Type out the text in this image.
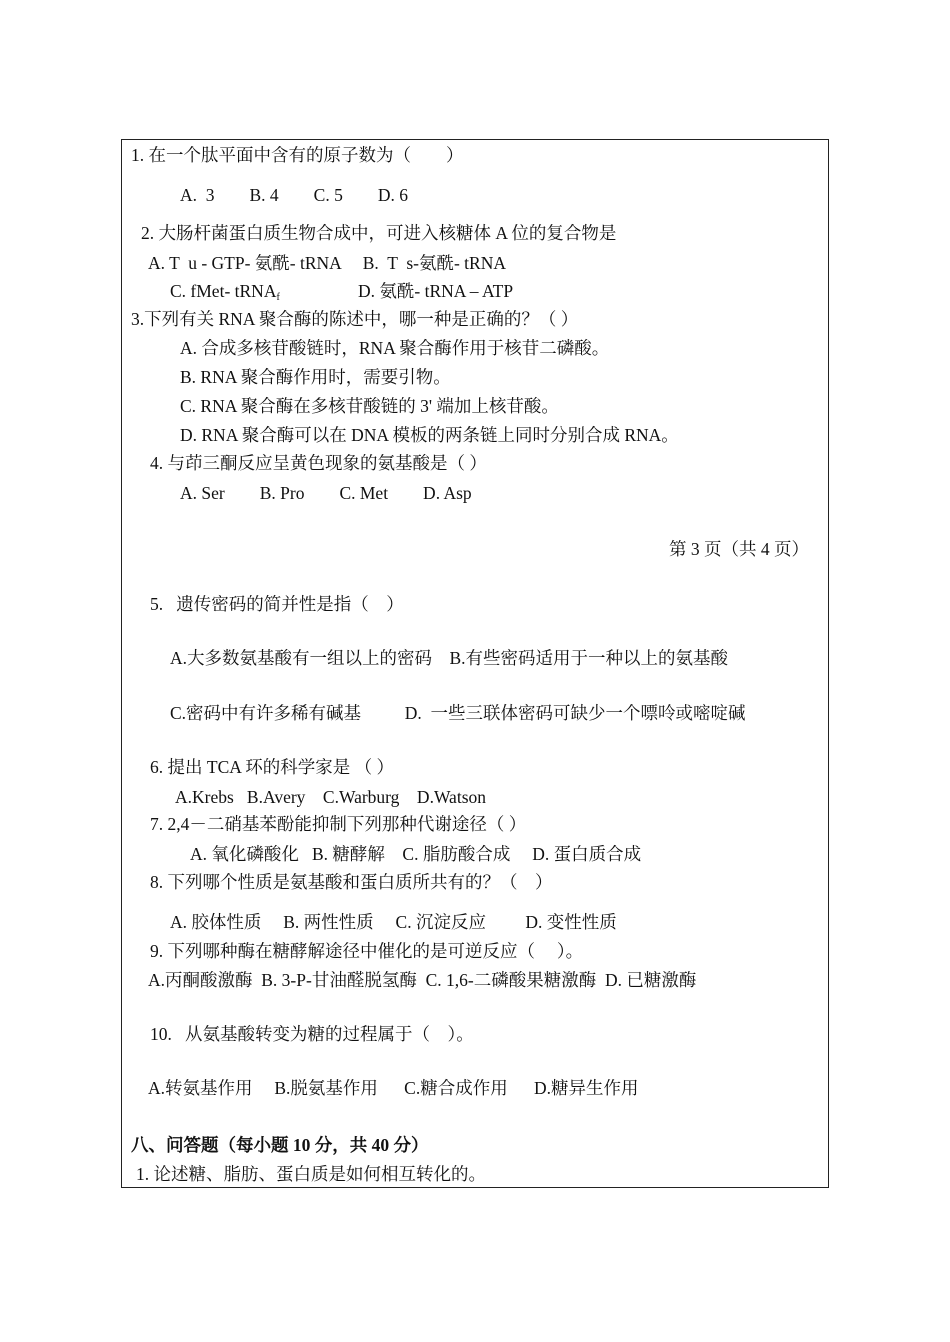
1. 在一个肽平面中含有的原子数为（　　）
A.  3        B. 4        C. 5        D. 6
2. 大肠杆菌蛋白质生物合成中，可进入核糖体 A 位的复合物是
A. T  u - GTP- 氨酰- tRNA     B.  T  s-氨酰- tRNA
C. fMet- tRNA$_f$	D. 氨酰- tRNA – ATP
3.下列有关 RNA 聚合酶的陈述中，哪一种是正确的？（ ）
A. 合成多核苷酸链时，RNA 聚合酶作用于核苷二磷酸。
B. RNA 聚合酶作用时，需要引物。
C. RNA 聚合酶在多核苷酸链的 3' 端加上核苷酸。
D. RNA 聚合酶可以在 DNA 模板的两条链上同时分别合成 RNA。
4. 与茚三酮反应呈黄色现象的氨基酸是（ ）
A. Ser        B. Pro        C. Met        D. Asp
第 3 页（共 4 页）
5.   遗传密码的简并性是指（　）
A.大多数氨基酸有一组以上的密码    B.有些密码适用于一种以上的氨基酸
C.密码中有许多稀有碱基          D.  一些三联体密码可缺少一个嘌呤或嘧啶碱
6. 提出 TCA 环的科学家是 （ ）
A.Krebs   B.Avery    C.Warburg    D.Watson
7. 2,4－二硝基苯酚能抑制下列那种代谢途径（ ）
A. 氧化磷酸化   B. 糖酵解    C. 脂肪酸合成     D. 蛋白质合成
8. 下列哪个性质是氨基酸和蛋白质所共有的？（　）
A. 胶体性质     B. 两性性质     C. 沉淀反应         D. 变性性质
9. 下列哪种酶在糖酵解途径中催化的是可逆反应（　 ）。
A.丙酮酸激酶  B. 3-P-甘油醛脱氢酶  C. 1,6-二磷酸果糖激酶  D. 已糖激酶
10.   从氨基酸转变为糖的过程属于（　）。
A.转氨基作用     B.脱氨基作用      C.糖合成作用      D.糖异生作用
八、问答题（每小题 10 分，共 40 分）
1. 论述糖、脂肪、蛋白质是如何相互转化的。
